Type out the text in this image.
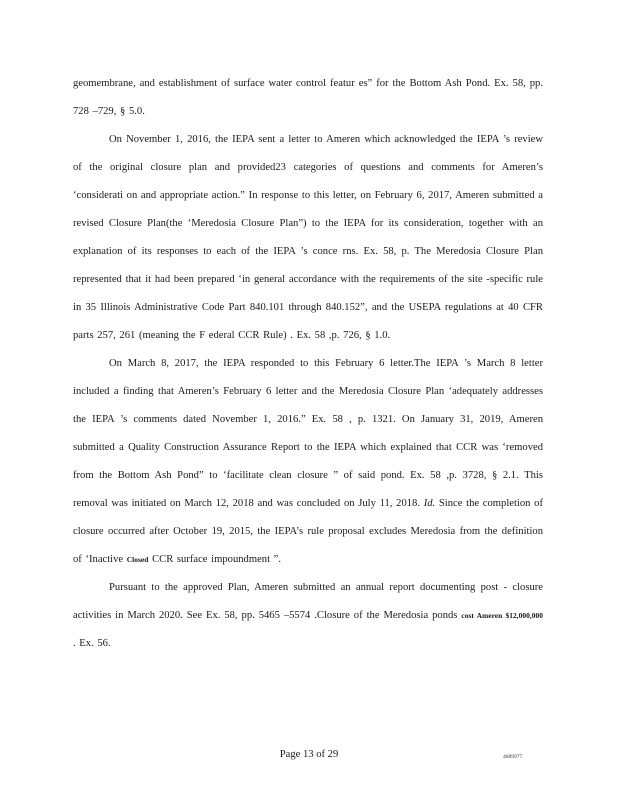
geomembrane, and establishment of surface water control featur es” for the Bottom Ash Pond. Ex. 58, pp. 728 –729, § 5.0.

On November 1, 2016, the IEPA sent a letter to Ameren which acknowledged the IEPA ’s review of the original closure plan and provided23 categories of questions and comments for Ameren’s ‘considerati on and appropriate action.” In response to this letter, on February 6, 2017, Ameren submitted a revised Closure Plan(the ‘Meredosia Closure Plan”) to the IEPA for its consideration, together with an explanation of its responses to each of the IEPA ’s conce rns. Ex. 58, p. The Meredosia Closure Plan represented that it had been prepared ‘in general accordance with the requirements of the site -specific rule in 35 Illinois Administrative Code Part 840.101 through 840.152”, and the USEPA regulations at 40 CFR parts 257, 261 (meaning the F ederal CCR Rule) . Ex. 58 ,p. 726, § 1.0.

On March 8, 2017, the IEPA responded to this February 6 letter.The IEPA ’s March 8 letter included a finding that Ameren’s February 6 letter and the Meredosia Closure Plan ‘adequately addresses the IEPA ’s comments dated November 1, 2016.” Ex. 58 , p. 1321. On January 31, 2019, Ameren submitted a Quality Construction Assurance Report to the IEPA which explained that CCR was ‘removed from the Bottom Ash Pond” to ‘facilitate clean closure ” of said pond. Ex. 58 ,p. 3728, § 2.1. This removal was initiated on March 12, 2018 and was concluded on July 11, 2018. Id. Since the completion of closure occurred after October 19, 2015, the IEPA’s rule proposal excludes Meredosia from the definition of ‘Inactive Closed CCR surface impoundment ”.

Pursuant to the approved Plan, Ameren submitted an annual report documenting post - closure activities in March 2020. See Ex. 58, pp. 5465 –5574 .Closure of the Meredosia ponds cost Ameren $12,000,000 . Ex. 56.

Page 13 of 29	4689977
